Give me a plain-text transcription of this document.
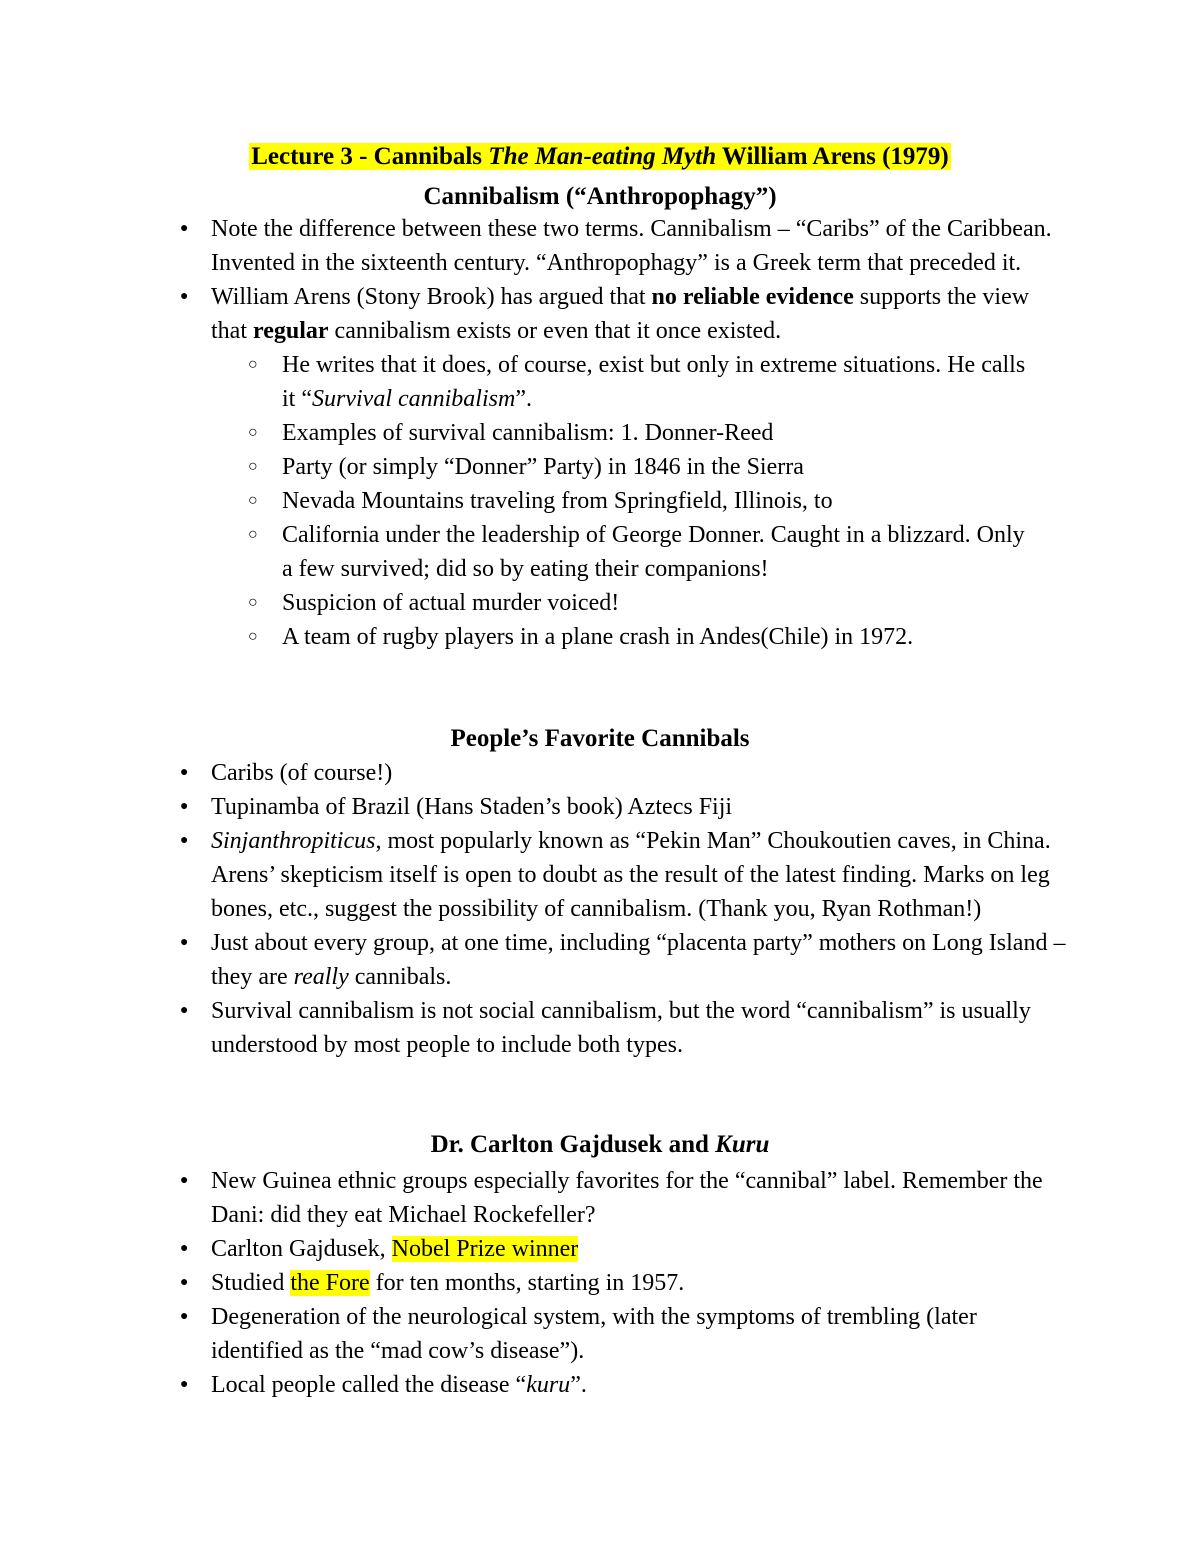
Lecture 3 - Cannibals The Man-eating Myth William Arens (1979)
Cannibalism (“Anthropophagy”)
● Note the difference between these two terms. Cannibalism – “Caribs” of the Caribbean. Invented in the sixteenth century. “Anthropophagy” is a Greek term that preceded it.
● William Arens (Stony Brook) has argued that no reliable evidence supports the view that regular cannibalism exists or even that it once existed.
○ He writes that it does, of course, exist but only in extreme situations. He calls it “Survival cannibalism”.
○ Examples of survival cannibalism: 1. Donner-Reed
○ Party (or simply “Donner” Party) in 1846 in the Sierra
○ Nevada Mountains traveling from Springfield, Illinois, to
○ California under the leadership of George Donner. Caught in a blizzard. Only a few survived; did so by eating their companions!
○ Suspicion of actual murder voiced!
○ A team of rugby players in a plane crash in Andes(Chile) in 1972.
People’s Favorite Cannibals
● Caribs (of course!)
● Tupinamba of Brazil (Hans Staden’s book) Aztecs Fiji
● Sinjanthropiticus, most popularly known as “Pekin Man” Choukoutien caves, in China. Arens’ skepticism itself is open to doubt as the result of the latest finding. Marks on leg bones, etc., suggest the possibility of cannibalism. (Thank you, Ryan Rothman!)
● Just about every group, at one time, including “placenta party” mothers on Long Island – they are really cannibals.
● Survival cannibalism is not social cannibalism, but the word “cannibalism” is usually understood by most people to include both types.
Dr. Carlton Gajdusek and Kuru
● New Guinea ethnic groups especially favorites for the “cannibal” label. Remember the Dani: did they eat Michael Rockefeller?
● Carlton Gajdusek, Nobel Prize winner
● Studied the Fore for ten months, starting in 1957.
● Degeneration of the neurological system, with the symptoms of trembling (later identified as the “mad cow’s disease”).
● Local people called the disease “kuru”.
